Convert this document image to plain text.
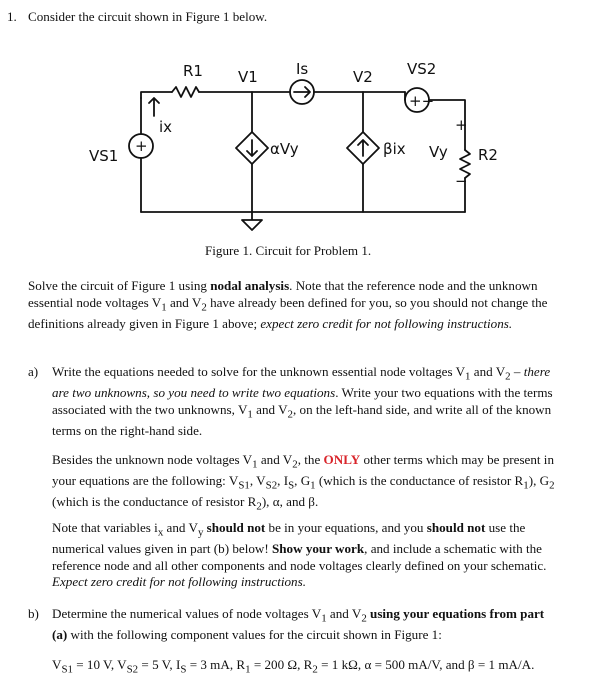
1. Consider the circuit shown in Figure 1 below.
R1 V1	Is	V2 VS2
ix
VS1	αVy	βix Vy R2
+
+
−
+−
Figure 1. Circuit for Problem 1.
Solve the circuit of Figure 1 using nodal analysis. Note that the reference node and the unknown essential node voltages $V_1$ and $V_2$ have already been defined for you, so you should not change the definitions already given in Figure 1 above; expect zero credit for not following instructions.
a) Write the equations needed to solve for the unknown essential node voltages $V_1$ and $V_2$ – there are two unknowns, so you need to write two equations. Write your two equations with the terms associated with the two unknowns, $V_1$ and $V_2$, on the left-hand side, and write all of the known terms on the right-hand side.
Besides the unknown node voltages $V_1$ and $V_2$, the ONLY other terms which may be present in your equations are the following: $V_{S1}$, $V_{S2}$, $I_S$, $G_1$ (which is the conductance of resistor $R_1$), $G_2$ (which is the conductance of resistor $R_2$), α, and β.
Note that variables $i_x$ and $V_y$ should not be in your equations, and you should not use the numerical values given in part (b) below! Show your work, and include a schematic with the reference node and all other components and node voltages clearly defined on your schematic. Expect zero credit for not following instructions.
b) Determine the numerical values of node voltages $V_1$ and $V_2$ using your equations from part (a) with the following component values for the circuit shown in Figure 1:
$V_{S1} = 10$ V, $V_{S2} = 5$ V, $I_S = 3$ mA, $R_1 = 200$ Ω, $R_2 = 1$ kΩ, α = 500 mA/V, and β = 1 mA/A.
